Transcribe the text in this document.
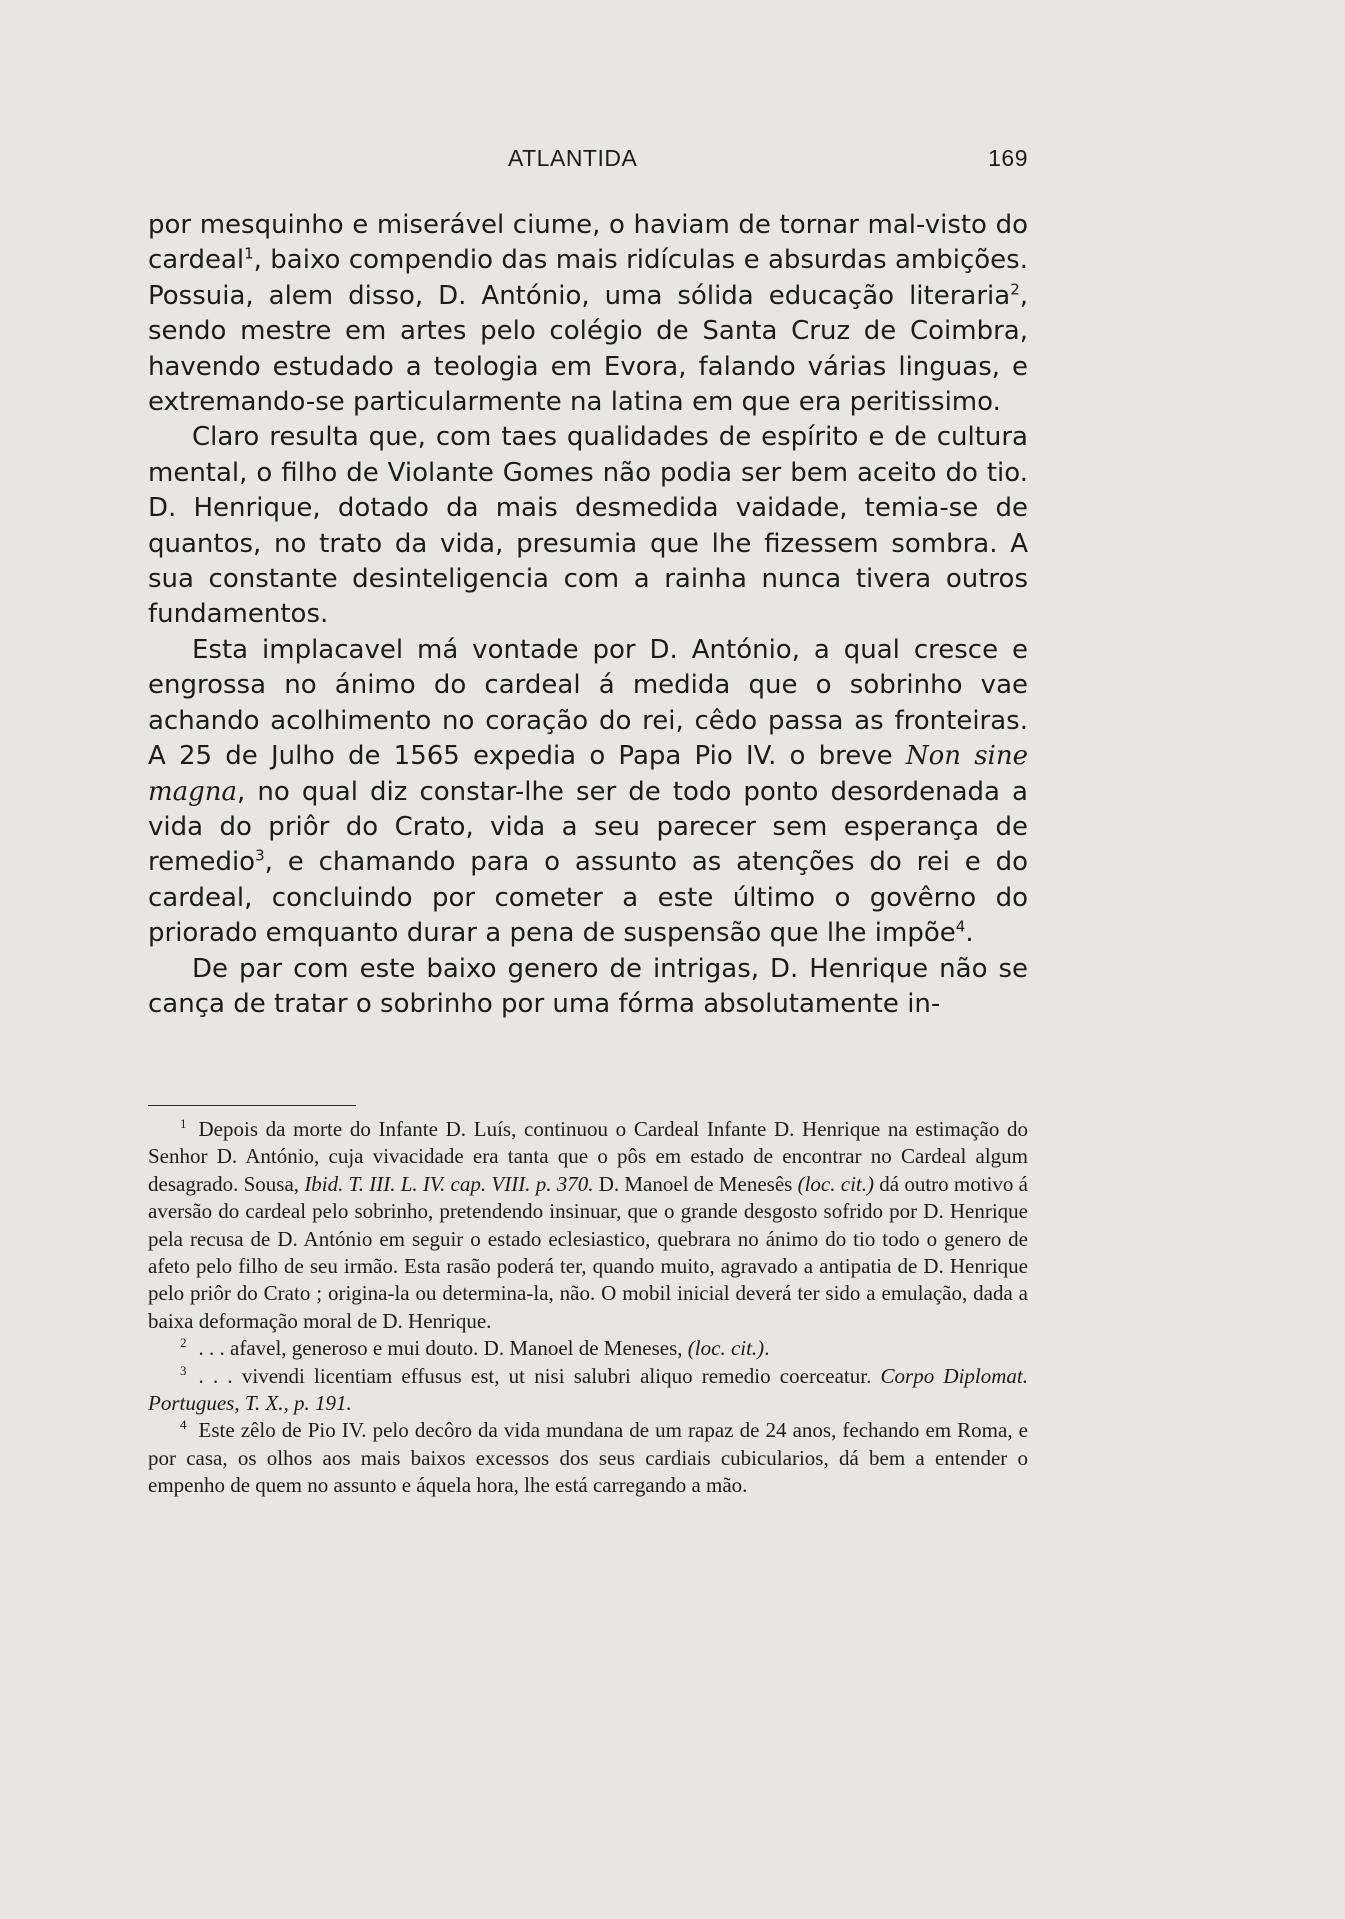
ATLANTIDA	169

por mesquinho e miserável ciume, o haviam de tornar mal-visto do cardeal$^1$, baixo compendio das mais ridículas e absurdas ambições. Possuia, alem disso, D. António, uma sólida educação literaria$^2$, sendo mestre em artes pelo colégio de Santa Cruz de Coimbra, havendo estudado a teologia em Evora, falando várias linguas, e extremando-se particularmente na latina em que era peritissimo.

Claro resulta que, com taes qualidades de espírito e de cultura mental, o filho de Violante Gomes não podia ser bem aceito do tio. D. Henrique, dotado da mais desmedida vaidade, temia-se de quantos, no trato da vida, presumia que lhe fizessem sombra. A sua constante desinteligencia com a rainha nunca tivera outros fundamentos.

Esta implacavel má vontade por D. António, a qual cresce e engrossa no ánimo do cardeal á medida que o sobrinho vae achando acolhimento no coração do rei, cêdo passa as fronteiras. A 25 de Julho de 1565 expedia o Papa Pio IV. o breve Non sine magna, no qual diz constar-lhe ser de todo ponto desordenada a vida do priôr do Crato, vida a seu parecer sem esperança de remedio$^3$, e chamando para o assunto as atenções do rei e do cardeal, concluindo por cometer a este último o govêrno do priorado emquanto durar a pena de suspensão que lhe impõe$^4$.

De par com este baixo genero de intrigas, D. Henrique não se cança de tratar o sobrinho por uma fórma absolutamente in-

$^1$ Depois da morte do Infante D. Luís, continuou o Cardeal Infante D. Henrique na estimação do Senhor D. António, cuja vivacidade era tanta que o pôs em estado de encontrar no Cardeal algum desagrado. Sousa, Ibid. T. III. L. IV. cap. VIII. p. 370. D. Manoel de Menesês (loc. cit.) dá outro motivo á aversão do cardeal pelo sobrinho, pretendendo insinuar, que o grande desgosto sofrido por D. Henrique pela recusa de D. António em seguir o estado eclesiastico, quebrara no ánimo do tio todo o genero de afeto pelo filho de seu irmão. Esta rasão poderá ter, quando muito, agravado a antipatia de D. Henrique pelo priôr do Crato ; origina-la ou determina-la, não. O mobil inicial deverá ter sido a emulação, dada a baixa deformação moral de D. Henrique.

$^2$ . . . afavel, generoso e mui douto. D. Manoel de Meneses, (loc. cit.).

$^3$ . . . vivendi licentiam effusus est, ut nisi salubri aliquo remedio coerceatur. Corpo Diplomat. Portugues, T. X., p. 191.

$^4$ Este zêlo de Pio IV. pelo decôro da vida mundana de um rapaz de 24 anos, fechando em Roma, e por casa, os olhos aos mais baixos excessos dos seus cardiais cubicularios, dá bem a entender o empenho de quem no assunto e áquela hora, lhe está carregando a mão.
